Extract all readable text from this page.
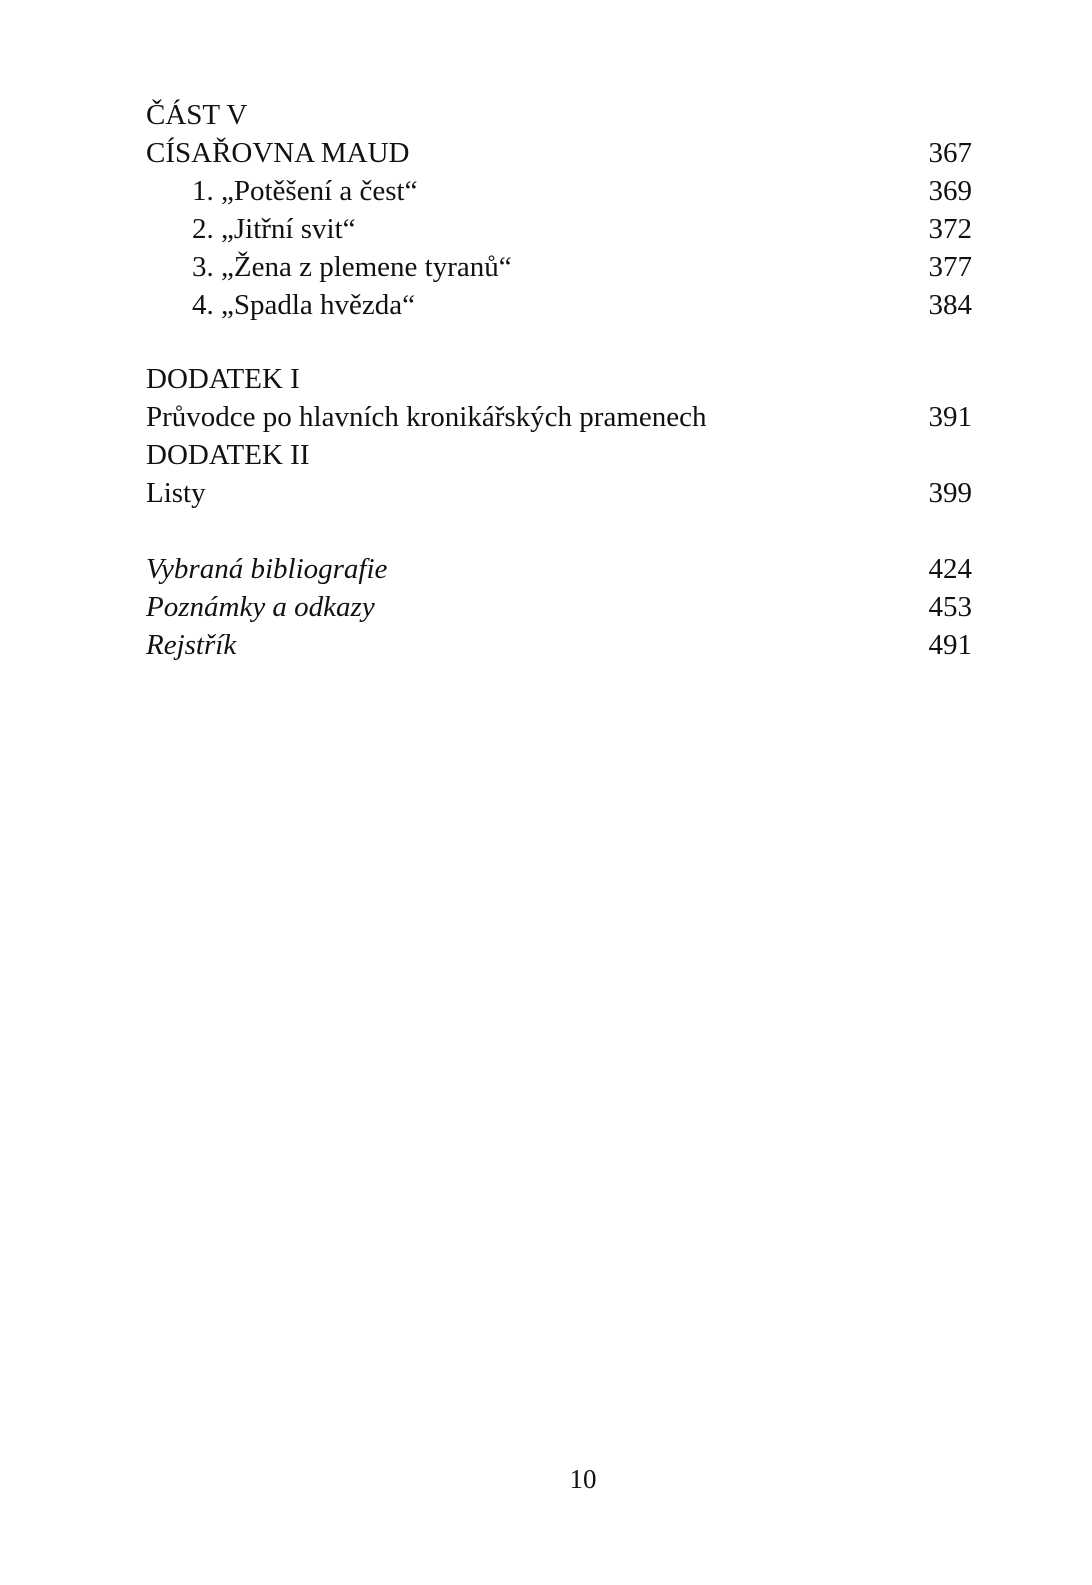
ČÁST V
CÍSAŘOVNA MAUD	367
1. „Potěšení a čest“	369
2. „Jitřní svit“	372
3. „Žena z plemene tyranů“	377
4. „Spadla hvězda“	384
DODATEK I
Průvodce po hlavních kronikářských pramenech	391
DODATEK II
Listy	399
Vybraná bibliografie	424
Poznámky a odkazy	453
Rejstřík	491
10
